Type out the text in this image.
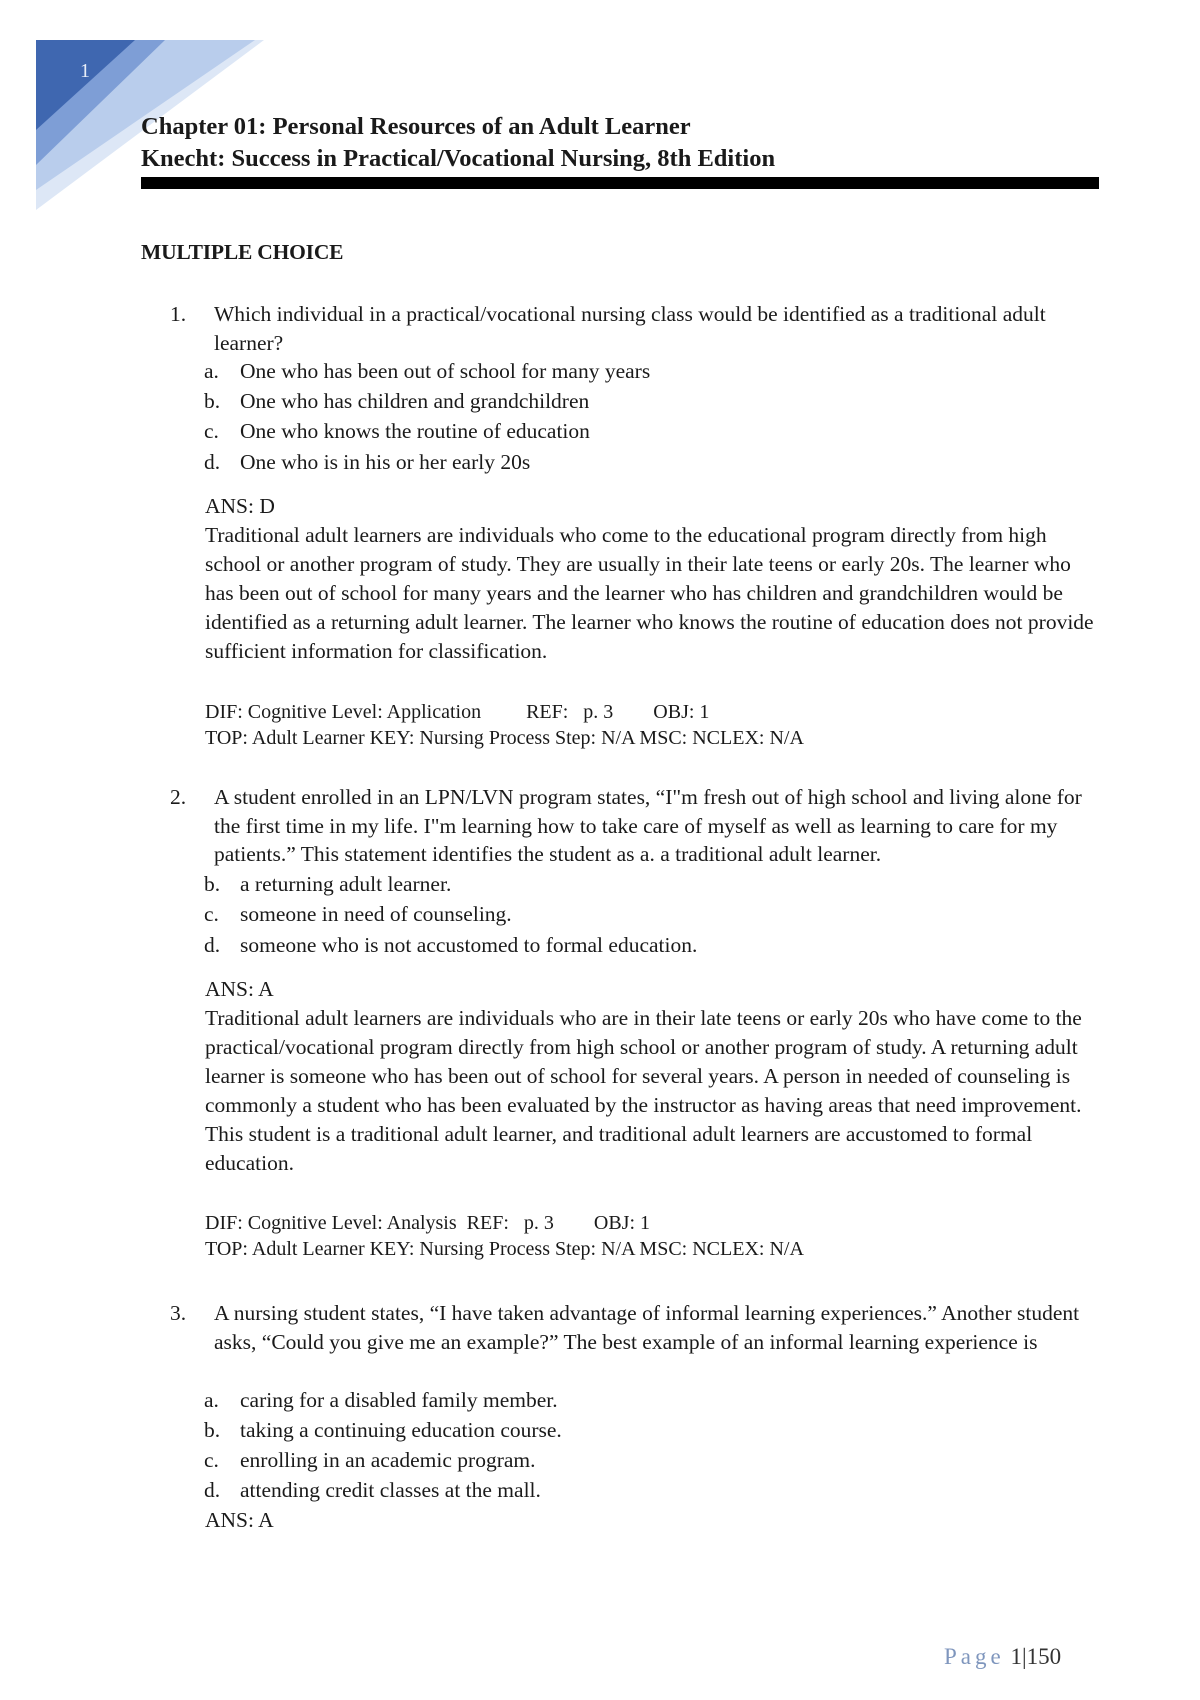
1
Chapter 01: Personal Resources of an Adult Learner
Knecht: Success in Practical/Vocational Nursing, 8th Edition
MULTIPLE CHOICE
1. Which individual in a practical/vocational nursing class would be identified as a traditional adult learner?
a. One who has been out of school for many years
b. One who has children and grandchildren
c. One who knows the routine of education
d. One who is in his or her early 20s
ANS: D
Traditional adult learners are individuals who come to the educational program directly from high school or another program of study. They are usually in their late teens or early 20s. The learner who has been out of school for many years and the learner who has children and grandchildren would be identified as a returning adult learner. The learner who knows the routine of education does not provide sufficient information for classification.
DIF: Cognitive Level: Application         REF:   p. 3        OBJ: 1
TOP: Adult Learner KEY: Nursing Process Step: N/A MSC: NCLEX: N/A
2. A student enrolled in an LPN/LVN program states, “I"m fresh out of high school and living alone for the first time in my life. I"m learning how to take care of myself as well as learning to care for my patients.” This statement identifies the student as a. a traditional adult learner.
b. a returning adult learner.
c. someone in need of counseling.
d. someone who is not accustomed to formal education.
ANS: A
Traditional adult learners are individuals who are in their late teens or early 20s who have come to the practical/vocational program directly from high school or another program of study. A returning adult learner is someone who has been out of school for several years. A person in needed of counseling is commonly a student who has been evaluated by the instructor as having areas that need improvement. This student is a traditional adult learner, and traditional adult learners are accustomed to formal education.
DIF: Cognitive Level: Analysis  REF:   p. 3        OBJ: 1
TOP: Adult Learner KEY: Nursing Process Step: N/A MSC: NCLEX: N/A
3. A nursing student states, “I have taken advantage of informal learning experiences.” Another student asks, “Could you give me an example?” The best example of an informal learning experience is
a. caring for a disabled family member.
b. taking a continuing education course.
c. enrolling in an academic program.
d. attending credit classes at the mall.
ANS: A
Page 1|150
